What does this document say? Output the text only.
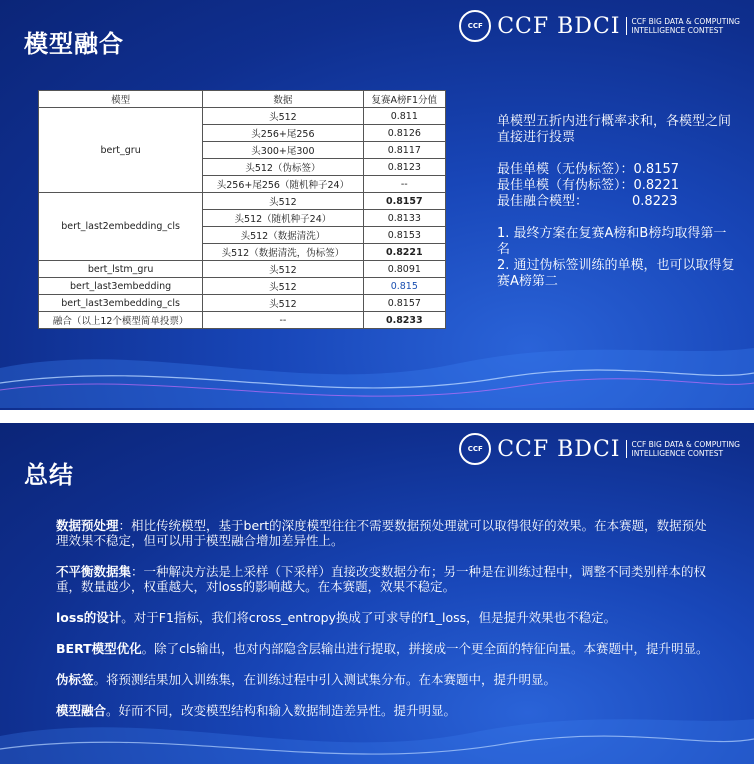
模型融合
CCF CCF BDCI CCF BIG DATA & COMPUTING
INTELLIGENCE CONTEST
模型	数据	复赛A榜F1分值
bert_gru	头512	0.811
	头256+尾256	0.8126
	头300+尾300	0.8117
	头512（伪标签）	0.8123
	头256+尾256（随机种子24）	--
bert_last2embedding_cls	头512	0.8157
	头512（随机种子24）	0.8133
	头512（数据清洗）	0.8153
	头512（数据清洗，伪标签）	0.8221
bert_lstm_gru	头512	0.8091
bert_last3embedding	头512	0.815
bert_last3embedding_cls	头512	0.8157
融合（以上12个模型简单投票）	--	0.8233

单模型五折内进行概率求和，各模型之间直接进行投票

最佳单模（无伪标签）：0.8157
最佳单模（有伪标签）：0.8221
最佳融合模型：	0.8223

1. 最终方案在复赛A榜和B榜均取得第一名
2. 通过伪标签训练的单模，也可以取得复赛A榜第二

总结
CCF CCF BDCI CCF BIG DATA & COMPUTING
INTELLIGENCE CONTEST

数据预处理：相比传统模型，基于bert的深度模型往往不需要数据预处理就可以取得很好的效果。在本赛题，数据预处理效果不稳定，但可以用于模型融合增加差异性上。

不平衡数据集：一种解决方法是上采样（下采样）直接改变数据分布；另一种是在训练过程中，调整不同类别样本的权重，数量越少，权重越大，对loss的影响越大。在本赛题，效果不稳定。

loss的设计。对于F1指标，我们将cross_entropy换成了可求导的f1_loss，但是提升效果也不稳定。

BERT模型优化。除了cls输出，也对内部隐含层输出进行提取，拼接成一个更全面的特征向量。本赛题中，提升明显。

伪标签。将预测结果加入训练集，在训练过程中引入测试集分布。在本赛题中，提升明显。

模型融合。好而不同，改变模型结构和输入数据制造差异性。提升明显。
